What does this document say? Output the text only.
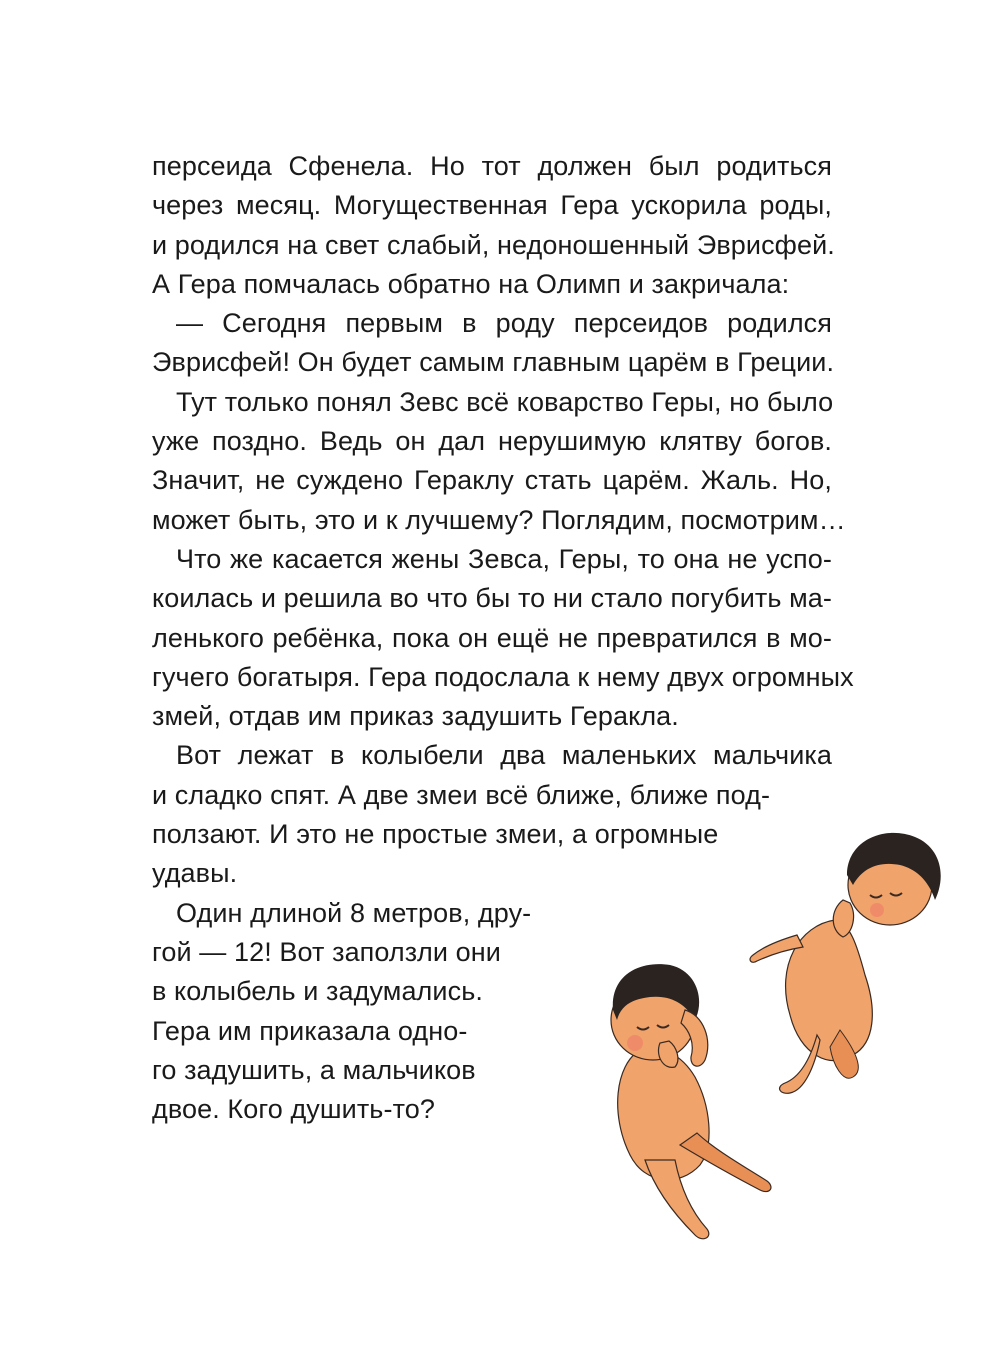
персеида Сфенела. Но тот должен был родиться
через месяц. Могущественная Гера ускорила роды,
и родился на свет слабый, недоношенный Эврисфей.
А Гера помчалась обратно на Олимп и закричала:
— Сегодня первым в роду персеидов родился
Эврисфей! Он будет самым главным царём в Греции.
Тут только понял Зевс всё коварство Геры, но было
уже поздно. Ведь он дал нерушимую клятву богов.
Значит, не суждено Гераклу стать царём. Жаль. Но,
может быть, это и к лучшему? Поглядим, посмотрим…
Что же касается жены Зевса, Геры, то она не успо-
коилась и решила во что бы то ни стало погубить ма-
ленького ребёнка, пока он ещё не превратился в мо-
гучего богатыря. Гера подослала к нему двух огромных
змей, отдав им приказ задушить Геракла.
Вот лежат в колыбели два маленьких мальчика
и сладко спят. А две змеи всё ближе, ближе под-
ползают. И это не простые змеи, а огромные
удавы.
Один длиной 8 метров, дру-
гой — 12! Вот заползли они
в колыбель и задумались.
Гера им приказала одно-
го задушить, а мальчиков
двое. Кого душить-то?
